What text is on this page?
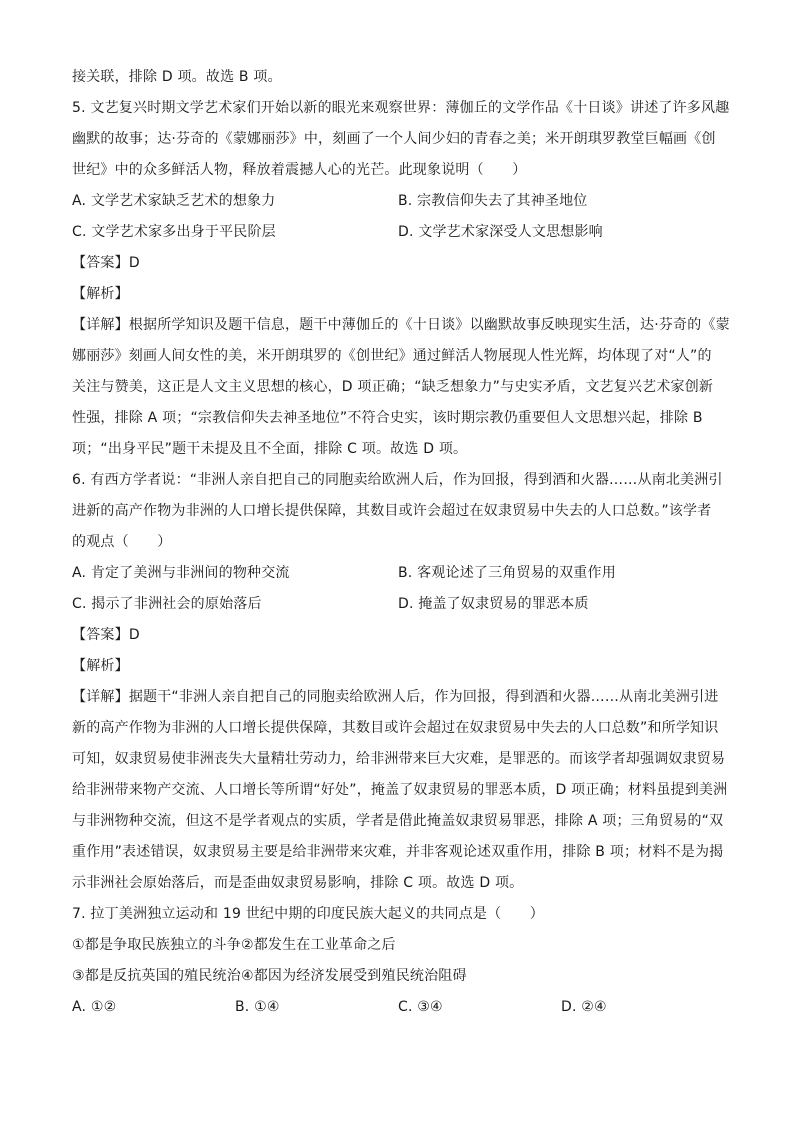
接关联，排除 D 项。故选 B 项。
5. 文艺复兴时期文学艺术家们开始以新的眼光来观察世界：薄伽丘的文学作品《十日谈》讲述了许多风趣
幽默的故事；达·芬奇的《蒙娜丽莎》中，刻画了一个人间少妇的青春之美；米开朗琪罗教堂巨幅画《创
世纪》中的众多鲜活人物，释放着震撼人心的光芒。此现象说明（　　）
A. 文学艺术家缺乏艺术的想象力	B. 宗教信仰失去了其神圣地位
C. 文学艺术家多出身于平民阶层	D. 文学艺术家深受人文思想影响
【答案】D
【解析】
【详解】根据所学知识及题干信息，题干中薄伽丘的《十日谈》以幽默故事反映现实生活，达·芬奇的《蒙
娜丽莎》刻画人间女性的美，米开朗琪罗的《创世纪》通过鲜活人物展现人性光辉，均体现了对“人”的
关注与赞美，这正是人文主义思想的核心，D 项正确；“缺乏想象力”与史实矛盾，文艺复兴艺术家创新
性强，排除 A 项；“宗教信仰失去神圣地位”不符合史实，该时期宗教仍重要但人文思想兴起，排除 B
项；“出身平民”题干未提及且不全面，排除 C 项。故选 D 项。
6. 有西方学者说：“非洲人亲自把自己的同胞卖给欧洲人后，作为回报，得到酒和火器……从南北美洲引
进新的高产作物为非洲的人口增长提供保障，其数目或许会超过在奴隶贸易中失去的人口总数。”该学者
的观点（　　）
A. 肯定了美洲与非洲间的物种交流	B. 客观论述了三角贸易的双重作用
C. 揭示了非洲社会的原始落后	D. 掩盖了奴隶贸易的罪恶本质
【答案】D
【解析】
【详解】据题干“非洲人亲自把自己的同胞卖给欧洲人后，作为回报，得到酒和火器……从南北美洲引进
新的高产作物为非洲的人口增长提供保障，其数目或许会超过在奴隶贸易中失去的人口总数”和所学知识
可知，奴隶贸易使非洲丧失大量精壮劳动力，给非洲带来巨大灾难，是罪恶的。而该学者却强调奴隶贸易
给非洲带来物产交流、人口增长等所谓“好处”，掩盖了奴隶贸易的罪恶本质，D 项正确；材料虽提到美洲
与非洲物种交流，但这不是学者观点的实质，学者是借此掩盖奴隶贸易罪恶，排除 A 项；三角贸易的“双
重作用”表述错误，奴隶贸易主要是给非洲带来灾难，并非客观论述双重作用，排除 B 项；材料不是为揭
示非洲社会原始落后，而是歪曲奴隶贸易影响，排除 C 项。故选 D 项。
7. 拉丁美洲独立运动和 19 世纪中期的印度民族大起义的共同点是（　　）
①都是争取民族独立的斗争②都发生在工业革命之后
③都是反抗英国的殖民统治④都因为经济发展受到殖民统治阻碍
A. ①②	B. ①④	C. ③④	D. ②④
